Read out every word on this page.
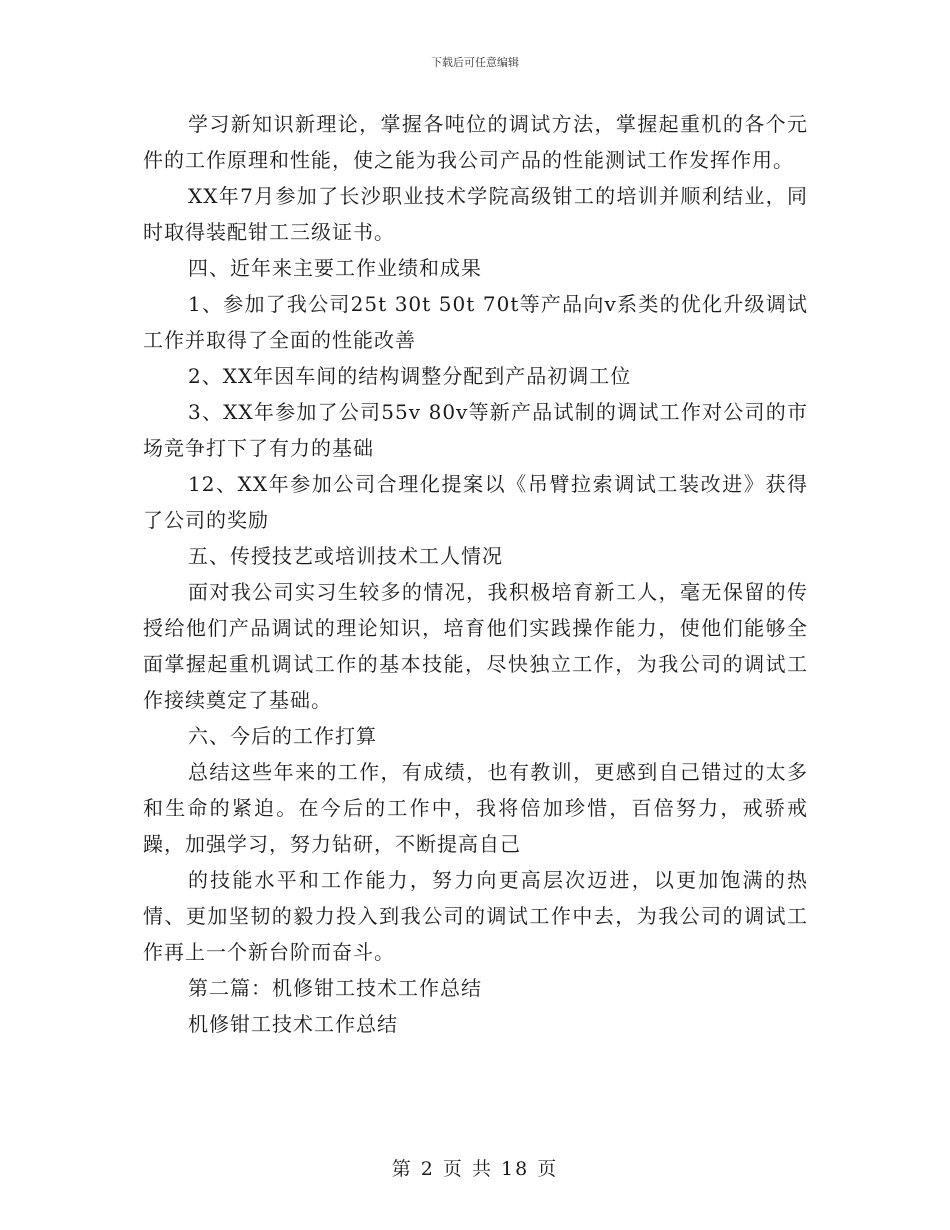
下载后可任意编辑

学习新知识新理论，掌握各吨位的调试方法，掌握起重机的各个元件的工作原理和性能，使之能为我公司产品的性能测试工作发挥作用。

XX年7月参加了长沙职业技术学院高级钳工的培训并顺利结业，同时取得装配钳工三级证书。

四、近年来主要工作业绩和成果

1、参加了我公司25t 30t 50t 70t等产品向v系类的优化升级调试工作并取得了全面的性能改善

2、XX年因车间的结构调整分配到产品初调工位

3、XX年参加了公司55v 80v等新产品试制的调试工作对公司的市场竞争打下了有力的基础

12、XX年参加公司合理化提案以《吊臂拉索调试工装改进》获得了公司的奖励

五、传授技艺或培训技术工人情况

面对我公司实习生较多的情况，我积极培育新工人，毫无保留的传授给他们产品调试的理论知识，培育他们实践操作能力，使他们能够全面掌握起重机调试工作的基本技能，尽快独立工作，为我公司的调试工作接续奠定了基础。

六、今后的工作打算

总结这些年来的工作，有成绩，也有教训，更感到自己错过的太多和生命的紧迫。在今后的工作中，我将倍加珍惜，百倍努力，戒骄戒躁，加强学习，努力钻研，不断提高自己

的技能水平和工作能力，努力向更高层次迈进，以更加饱满的热情、更加坚韧的毅力投入到我公司的调试工作中去，为我公司的调试工作再上一个新台阶而奋斗。

第二篇：机修钳工技术工作总结

机修钳工技术工作总结

第 2 页 共 18 页
